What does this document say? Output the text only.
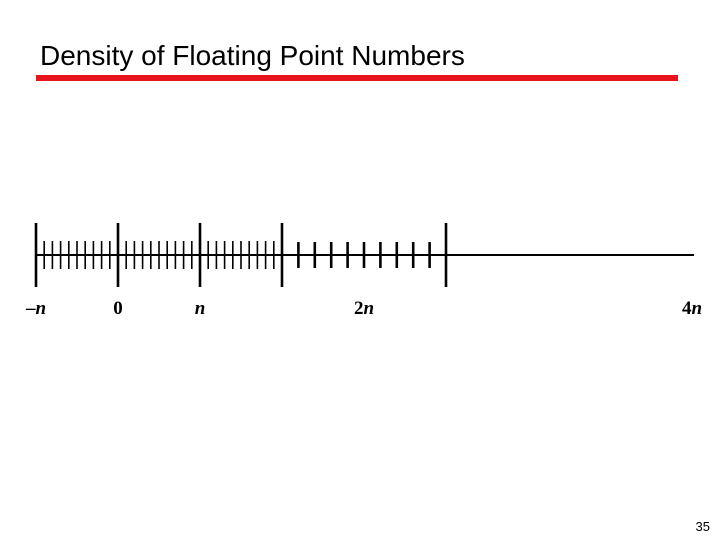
Density of Floating Point Numbers
–n	0	n	2n	4n
35
